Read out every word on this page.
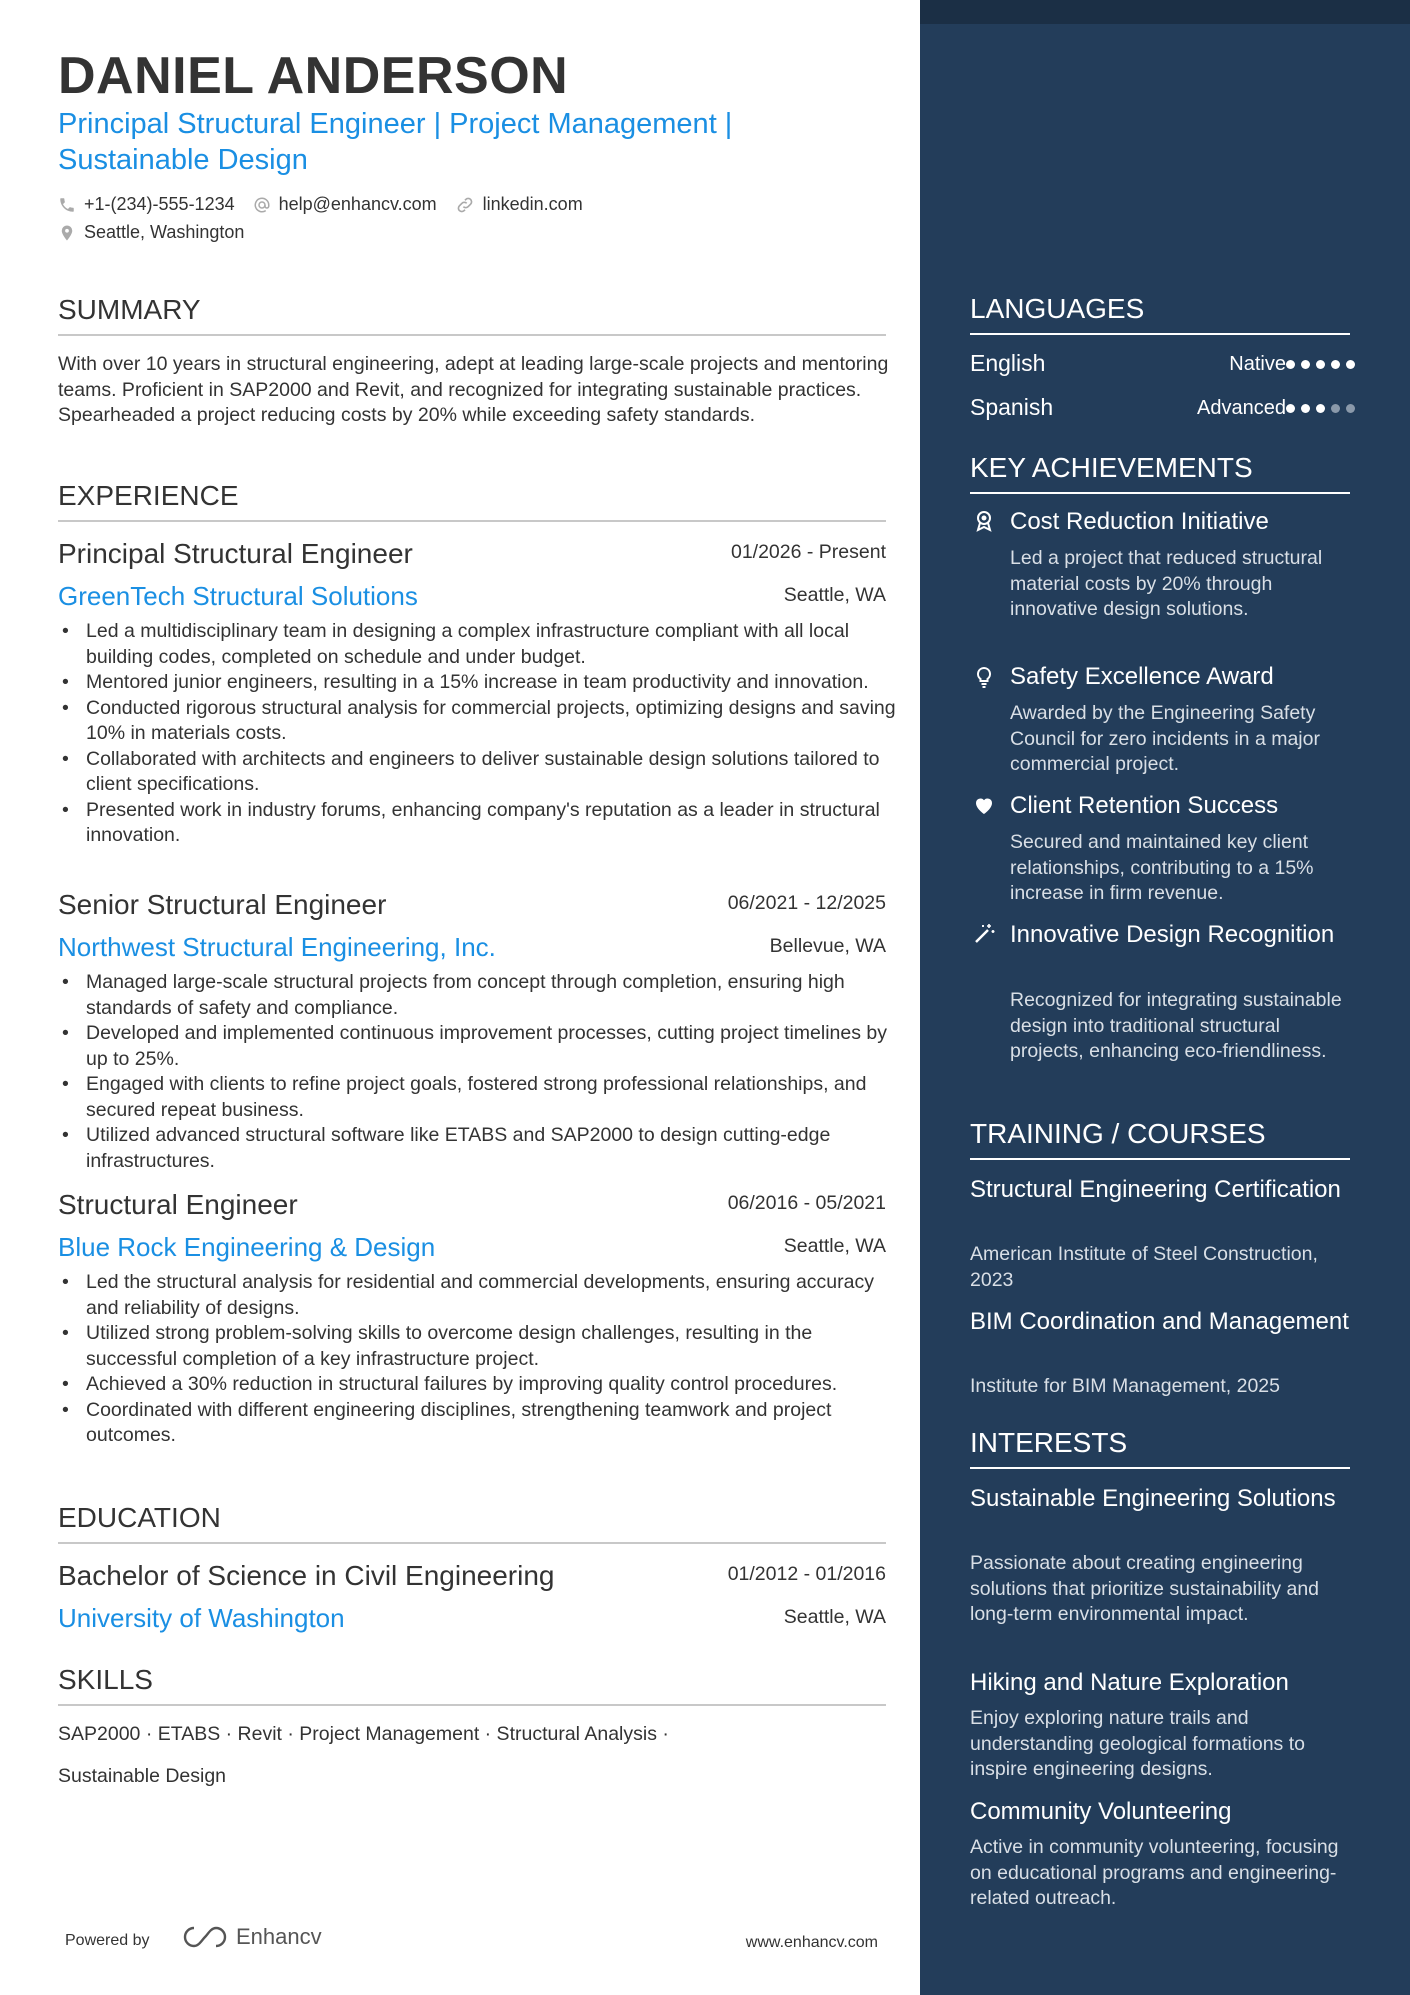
DANIEL ANDERSON
Principal Structural Engineer | Project Management | Sustainable Design
+1-(234)-555-1234 help@enhancv.com	linkedin.com
Seattle, Washington
SUMMARY
With over 10 years in structural engineering, adept at leading large-scale projects and mentoring teams. Proficient in SAP2000 and Revit, and recognized for integrating sustainable practices. Spearheaded a project reducing costs by 20% while exceeding safety standards.
EXPERIENCE
Principal Structural Engineer	01/2026 - Present
GreenTech Structural Solutions	Seattle, WA
• Led a multidisciplinary team in designing a complex infrastructure compliant with all local building codes, completed on schedule and under budget.
• Mentored junior engineers, resulting in a 15% increase in team productivity and innovation.
• Conducted rigorous structural analysis for commercial projects, optimizing designs and saving 10% in materials costs.
• Collaborated with architects and engineers to deliver sustainable design solutions tailored to client specifications.
• Presented work in industry forums, enhancing company's reputation as a leader in structural innovation.
Senior Structural Engineer	06/2021 - 12/2025
Northwest Structural Engineering, Inc.	Bellevue, WA
• Managed large-scale structural projects from concept through completion, ensuring high standards of safety and compliance.
• Developed and implemented continuous improvement processes, cutting project timelines by up to 25%.
• Engaged with clients to refine project goals, fostered strong professional relationships, and secured repeat business.
• Utilized advanced structural software like ETABS and SAP2000 to design cutting-edge infrastructures.
Structural Engineer	06/2016 - 05/2021
Blue Rock Engineering & Design	Seattle, WA
• Led the structural analysis for residential and commercial developments, ensuring accuracy and reliability of designs.
• Utilized strong problem-solving skills to overcome design challenges, resulting in the successful completion of a key infrastructure project.
• Achieved a 30% reduction in structural failures by improving quality control procedures.
• Coordinated with different engineering disciplines, strengthening teamwork and project outcomes.
EDUCATION
Bachelor of Science in Civil Engineering	01/2012 - 01/2016
University of Washington	Seattle, WA
SKILLS
SAP2000 · ETABS · Revit · Project Management · Structural Analysis ·
Sustainable Design
Powered by	Enhancv	www.enhancv.com
LANGUAGES
English	Native
Spanish	Advanced
KEY ACHIEVEMENTS
Cost Reduction Initiative
Led a project that reduced structural material costs by 20% through innovative design solutions.
Safety Excellence Award
Awarded by the Engineering Safety Council for zero incidents in a major commercial project.
Client Retention Success
Secured and maintained key client relationships, contributing to a 15% increase in firm revenue.
Innovative Design Recognition
Recognized for integrating sustainable design into traditional structural projects, enhancing eco-friendliness.
TRAINING / COURSES
Structural Engineering Certification
American Institute of Steel Construction, 2023
BIM Coordination and Management
Institute for BIM Management, 2025
INTERESTS
Sustainable Engineering Solutions
Passionate about creating engineering solutions that prioritize sustainability and long-term environmental impact.
Hiking and Nature Exploration
Enjoy exploring nature trails and understanding geological formations to inspire engineering designs.
Community Volunteering
Active in community volunteering, focusing on educational programs and engineering-related outreach.
